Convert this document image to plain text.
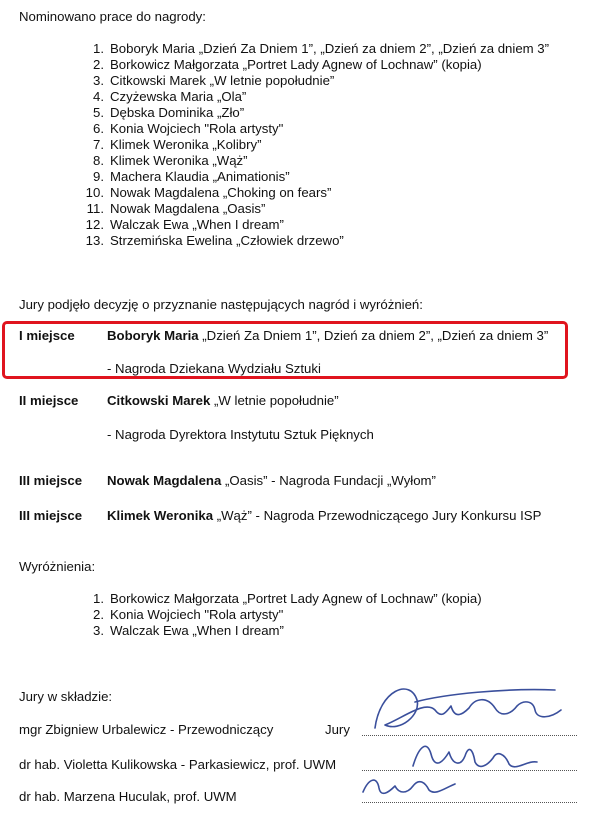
Nominowano prace do nagrody:
1. Boboryk Maria „Dzień Za Dniem 1”, „Dzień za dniem 2”, „Dzień za dniem 3”
2. Borkowicz Małgorzata „Portret Lady Agnew of Lochnaw” (kopia)
3. Citkowski Marek „W letnie popołudnie”
4. Czyżewska Maria „Ola”
5. Dębska Dominika „Zło”
6. Konia Wojciech "Rola artysty"
7. Klimek Weronika „Kolibry”
8. Klimek Weronika „Wąż”
9. Machera Klaudia „Animationis”
10. Nowak Magdalena „Choking on fears”
11. Nowak Magdalena „Oasis”
12. Walczak Ewa „When I dream”
13. Strzemińska Ewelina „Człowiek drzewo”
Jury podjęło decyzję o przyznanie następujących nagród i wyróżnień:
I miejsce Boboryk Maria „Dzień Za Dniem 1”, Dzień za dniem 2”, „Dzień za dniem 3”
- Nagroda Dziekana Wydziału Sztuki
II miejsce Citkowski Marek „W letnie popołudnie”
- Nagroda Dyrektora Instytutu Sztuk Pięknych
III miejsce Nowak Magdalena „Oasis” - Nagroda Fundacji „Wyłom”
III miejsce Klimek Weronika „Wąż” - Nagroda Przewodniczącego Jury Konkursu ISP
Wyróżnienia:
1. Borkowicz Małgorzata „Portret Lady Agnew of Lochnaw” (kopia)
2. Konia Wojciech "Rola artysty"
3. Walczak Ewa „When I dream”
Jury w składzie:
mgr Zbigniew Urbalewicz - Przewodniczący	Jury
dr hab. Violetta Kulikowska - Parkasiewicz, prof. UWM
dr hab. Marzena Huculak, prof. UWM
